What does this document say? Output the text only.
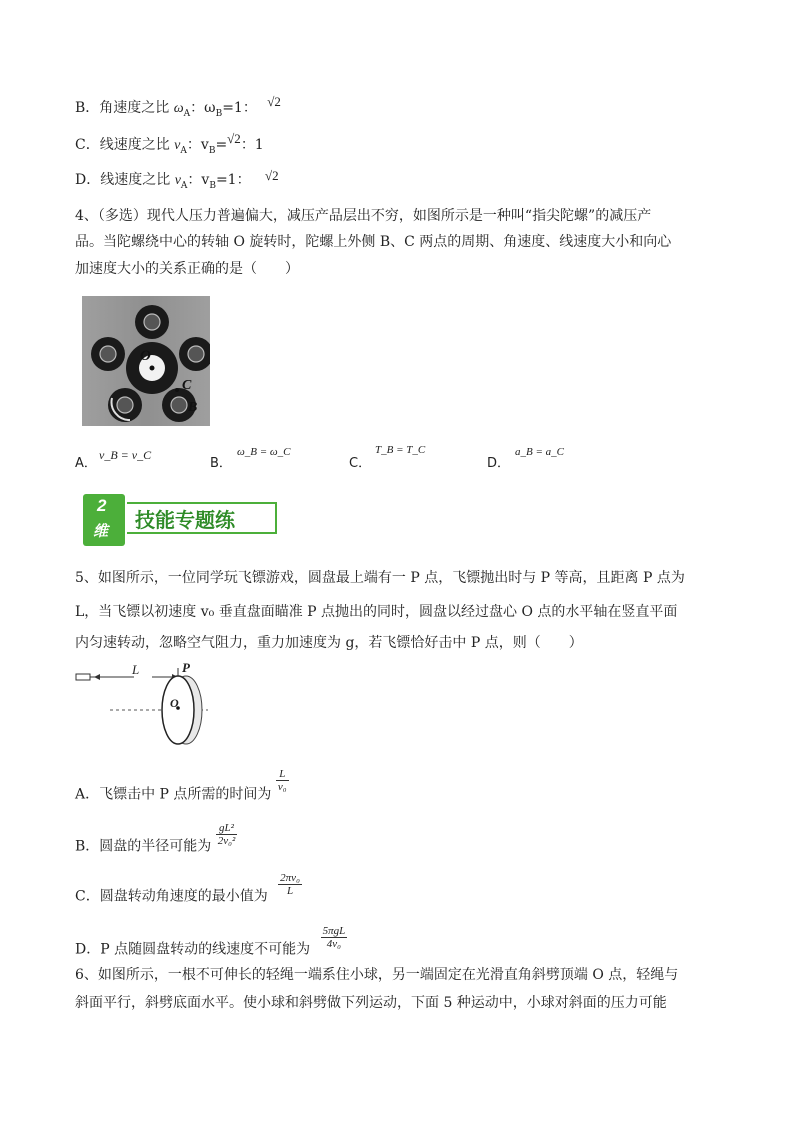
B．角速度之比 $\omega_A$：$\omega_B=1$： √2
C．线速度之比 $v_A$：$v_B=√2$：1
D．线速度之比 $v_A$：$v_B=1$： √2
4、（多选）现代人压力普遍偏大，减压产品层出不穷，如图所示是一种叫“指尖陀螺”的减压产
品。当陀螺绕中心的转轴 O 旋转时，陀螺上外侧 B、C 两点的周期、角速度、线速度大小和向心
加速度大小的关系正确的是（　　）
O
C
B
A．
v_B = v_C
B．
ω_B = ω_C
C．
T_B = T_C
D．
a_B = a_C
2
维 技能专题练
5、如图所示，一位同学玩飞镖游戏，圆盘最上端有一 P 点，飞镖抛出时与 P 等高，且距离 P 点为
L，当飞镖以初速度 v₀ 垂直盘面瞄准 P 点抛出的同时，圆盘以经过盘心 O 点的水平轴在竖直平面
内匀速转动，忽略空气阻力，重力加速度为 g，若飞镖恰好击中 P 点，则（　　）
L	P
O
A．飞镖击中 P 点所需的时间为
$\frac{L}{\text{v₀}}$
B．圆盘的半径可能为 $\frac{\text{gL²}}{\text{2v₀²}}$
C．圆盘转动角速度的最小值为 $\frac{\text{2πv₀}}{L}$
D．P 点随圆盘转动的线速度不可能为 $\frac{\text{5πgL}}{\text{4v₀}}$
6、如图所示，一根不可伸长的轻绳一端系住小球，另一端固定在光滑直角斜劈顶端 O 点，轻绳与
斜面平行，斜劈底面水平。使小球和斜劈做下列运动，下面 5 种运动中，小球对斜面的压力可能
